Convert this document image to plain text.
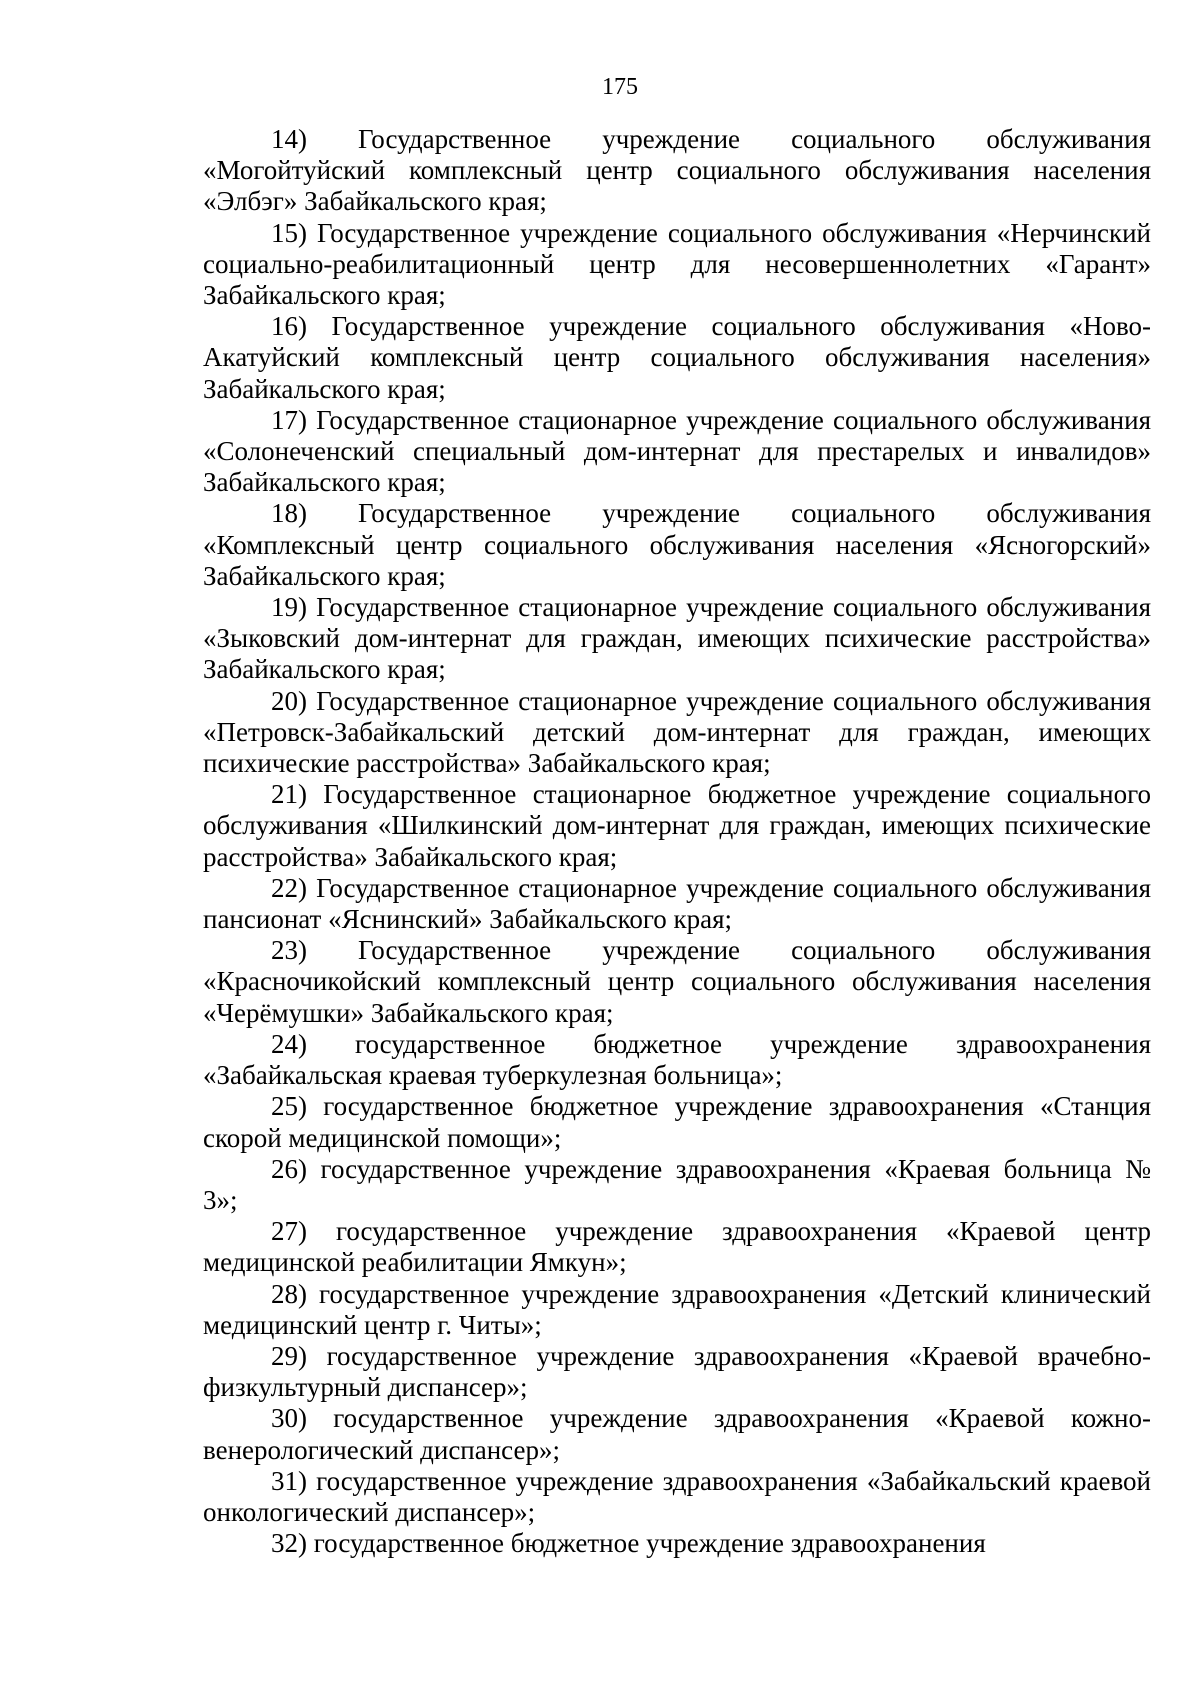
175

14) Государственное учреждение социального обслуживания «Могойтуйский комплексный центр социального обслуживания населения «Элбэг» Забайкальского края;

15) Государственное учреждение социального обслуживания «Нерчинский социально-реабилитационный центр для несовершеннолетних «Гарант» Забайкальского края;

16) Государственное учреждение социального обслуживания «Ново-Акатуйский комплексный центр социального обслуживания населения» Забайкальского края;

17) Государственное стационарное учреждение социального обслуживания «Солонеченский специальный дом-интернат для престарелых и инвалидов» Забайкальского края;

18) Государственное учреждение социального обслуживания «Комплексный центр социального обслуживания населения «Ясногорский» Забайкальского края;

19) Государственное стационарное учреждение социального обслуживания «Зыковский дом-интернат для граждан, имеющих психические расстройства» Забайкальского края;

20) Государственное стационарное учреждение социального обслуживания «Петровск-Забайкальский детский дом-интернат для граждан, имеющих психические расстройства» Забайкальского края;

21) Государственное стационарное бюджетное учреждение социального обслуживания «Шилкинский дом-интернат для граждан, имеющих психические расстройства» Забайкальского края;

22) Государственное стационарное учреждение социального обслуживания пансионат «Яснинский» Забайкальского края;

23) Государственное учреждение социального обслуживания «Красночикойский комплексный центр социального обслуживания населения «Черёмушки» Забайкальского края;

24) государственное бюджетное учреждение здравоохранения «Забайкальская краевая туберкулезная больница»;

25) государственное бюджетное учреждение здравоохранения «Станция скорой медицинской помощи»;

26) государственное учреждение здравоохранения «Краевая больница № 3»;

27) государственное учреждение здравоохранения «Краевой центр медицинской реабилитации Ямкун»;

28) государственное учреждение здравоохранения «Детский клинический медицинский центр г. Читы»;

29) государственное учреждение здравоохранения «Краевой врачебно-физкультурный диспансер»;

30) государственное учреждение здравоохранения «Краевой кожно-венерологический диспансер»;

31) государственное учреждение здравоохранения «Забайкальский краевой онкологический диспансер»;

32) государственное бюджетное учреждение здравоохранения
